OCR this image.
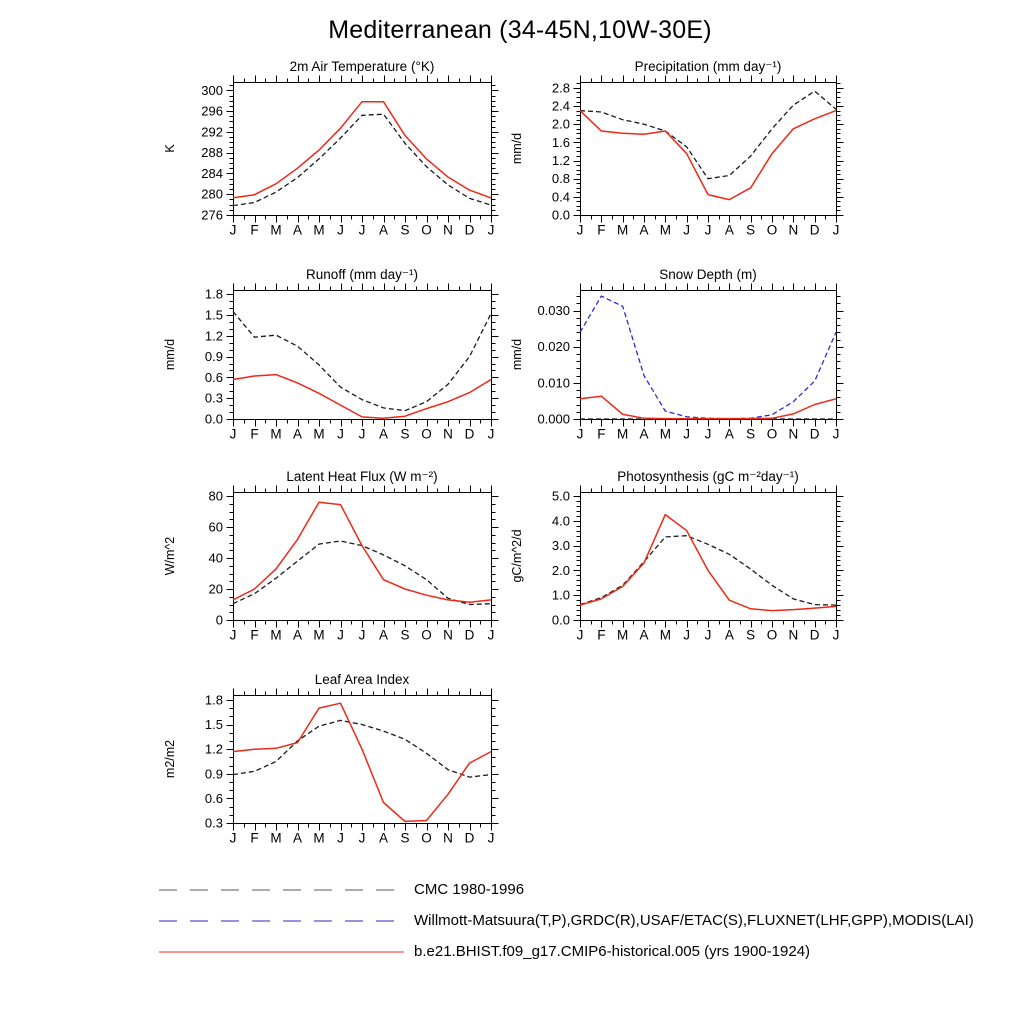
Mediterranean (34-45N,10W-30E)
2m Air Temperature (°K)
276
280
284
288
292
296
300
J F M A M J J A S O N D J
K
Precipitation (mm day⁻¹)
0.0
0.4
0.8
1.2
1.6
2.0
2.4
2.8
J F M A M J J A S O N D J
mm/d
Runoff (mm day⁻¹)
0.0
0.3
0.6
0.9
1.2
1.5
1.8
J F M A M J J A S O N D J
mm/d
Snow Depth (m)
0.000
0.010
0.020
0.030
J F M A M J J A S O N D J
mm/d
Latent Heat Flux (W m⁻²)
0
20
40
60
80
J F M A M J J A S O N D J
W/m^2
Photosynthesis (gC m⁻²day⁻¹)
0.0
1.0
2.0
3.0
4.0
5.0
J F M A M J J A S O N D J
gC/m^2/d
Leaf Area Index
0.3
0.6
0.9
1.2
1.5
1.8
J F M A M J J A S O N D J
m2/m2
CMC 1980-1996
Willmott-Matsuura(T,P),GRDC(R),USAF/ETAC(S),FLUXNET(LHF,GPP),MODIS(LAI)
b.e21.BHIST.f09_g17.CMIP6-historical.005 (yrs 1900-1924)
